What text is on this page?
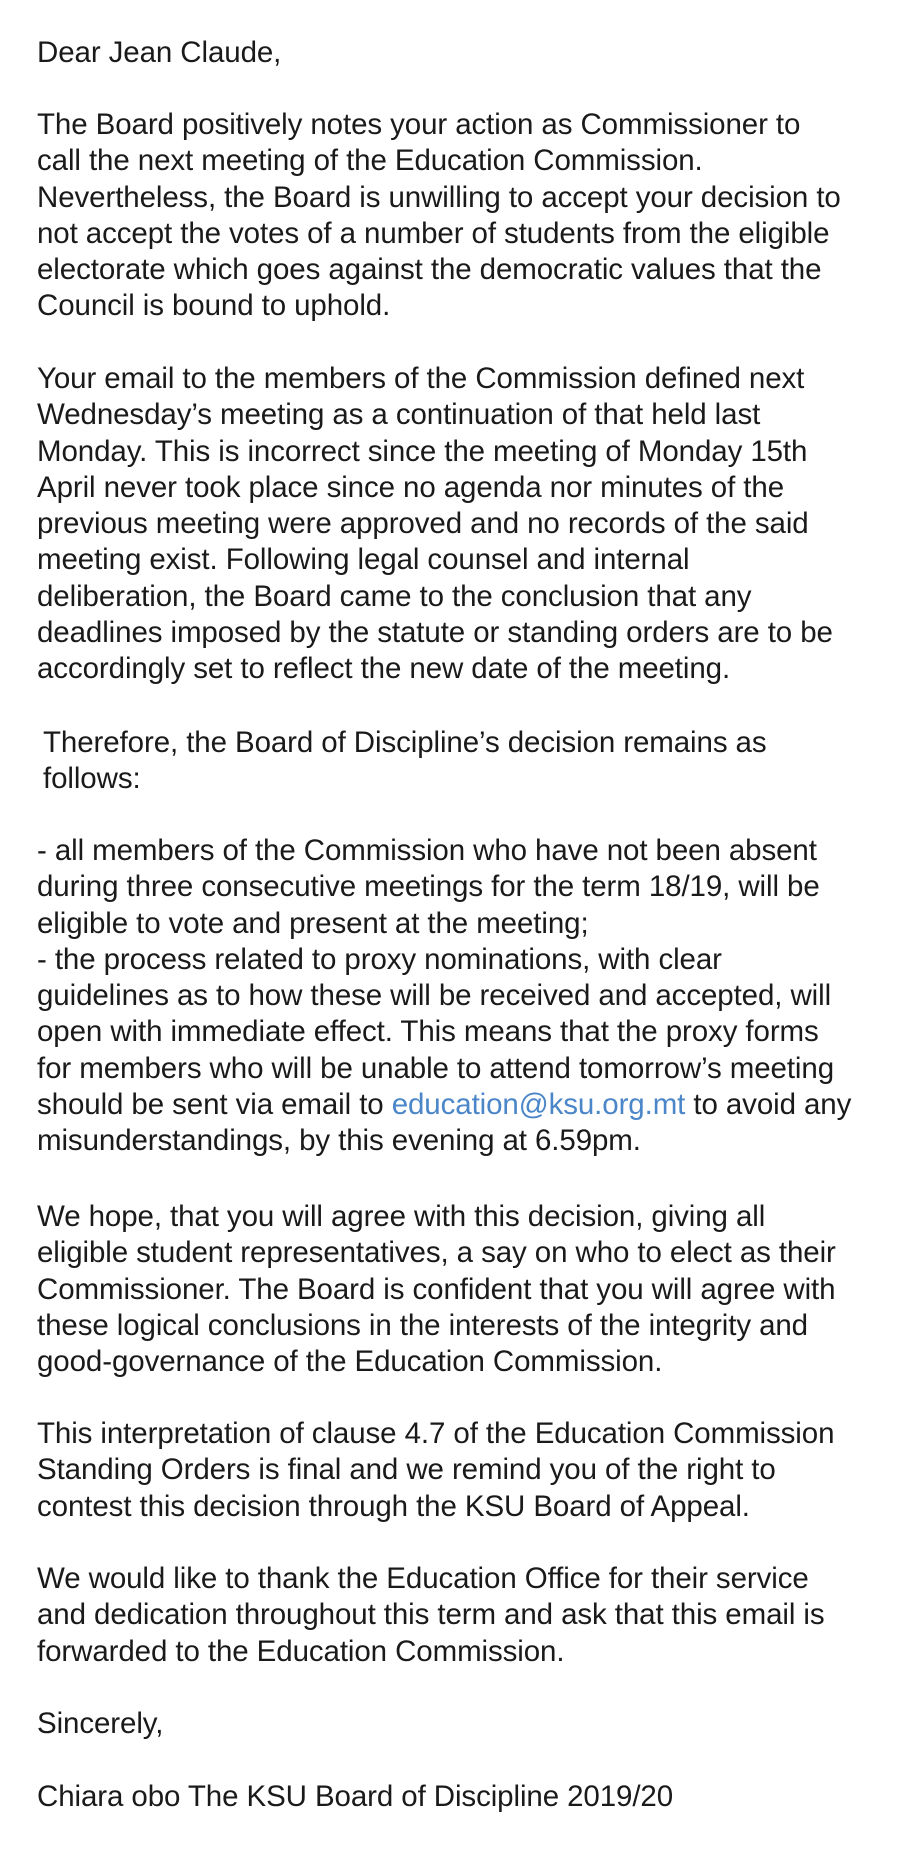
Dear Jean Claude,

The Board positively notes your action as Commissioner to
call the next meeting of the Education Commission.
Nevertheless, the Board is unwilling to accept your decision to
not accept the votes of a number of students from the eligible
electorate which goes against the democratic values that the
Council is bound to uphold.

Your email to the members of the Commission defined next
Wednesday’s meeting as a continuation of that held last
Monday. This is incorrect since the meeting of Monday 15th
April never took place since no agenda nor minutes of the
previous meeting were approved and no records of the said
meeting exist. Following legal counsel and internal
deliberation, the Board came to the conclusion that any
deadlines imposed by the statute or standing orders are to be
accordingly set to reflect the new date of the meeting.

Therefore, the Board of Discipline’s decision remains as
follows:

- all members of the Commission who have not been absent
during three consecutive meetings for the term 18/19, will be
eligible to vote and present at the meeting;

- the process related to proxy nominations, with clear
guidelines as to how these will be received and accepted, will
open with immediate effect. This means that the proxy forms
for members who will be unable to attend tomorrow’s meeting
should be sent via email to education@ksu.org.mt to avoid any
misunderstandings, by this evening at 6.59pm.

We hope, that you will agree with this decision, giving all
eligible student representatives, a say on who to elect as their
Commissioner. The Board is confident that you will agree with
these logical conclusions in the interests of the integrity and
good-governance of the Education Commission.

This interpretation of clause 4.7 of the Education Commission
Standing Orders is final and we remind you of the right to
contest this decision through the KSU Board of Appeal.

We would like to thank the Education Office for their service
and dedication throughout this term and ask that this email is
forwarded to the Education Commission.

Sincerely,

Chiara obo The KSU Board of Discipline 2019/20
